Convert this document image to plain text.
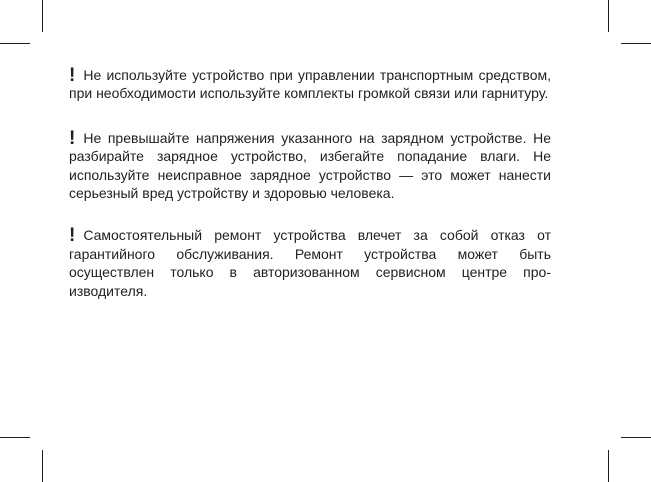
! Не используйте устройство при управлении транспортным средством, при необходимости используйте комплекты громкой связи или гарнитуру.

! Не превышайте напряжения указанного на зарядном устройстве. Не разбирайте зарядное устройство, избегайте попадание влаги. Не используйте неисправное зарядное устройство — это может нанести серьезный вред устройству и здоровью человека.

! Самостоятельный ремонт устройства влечет за собой отказ от гарантийного обслуживания. Ремонт устройства может быть осуществлен только в авторизованном сервисном центре производителя.
